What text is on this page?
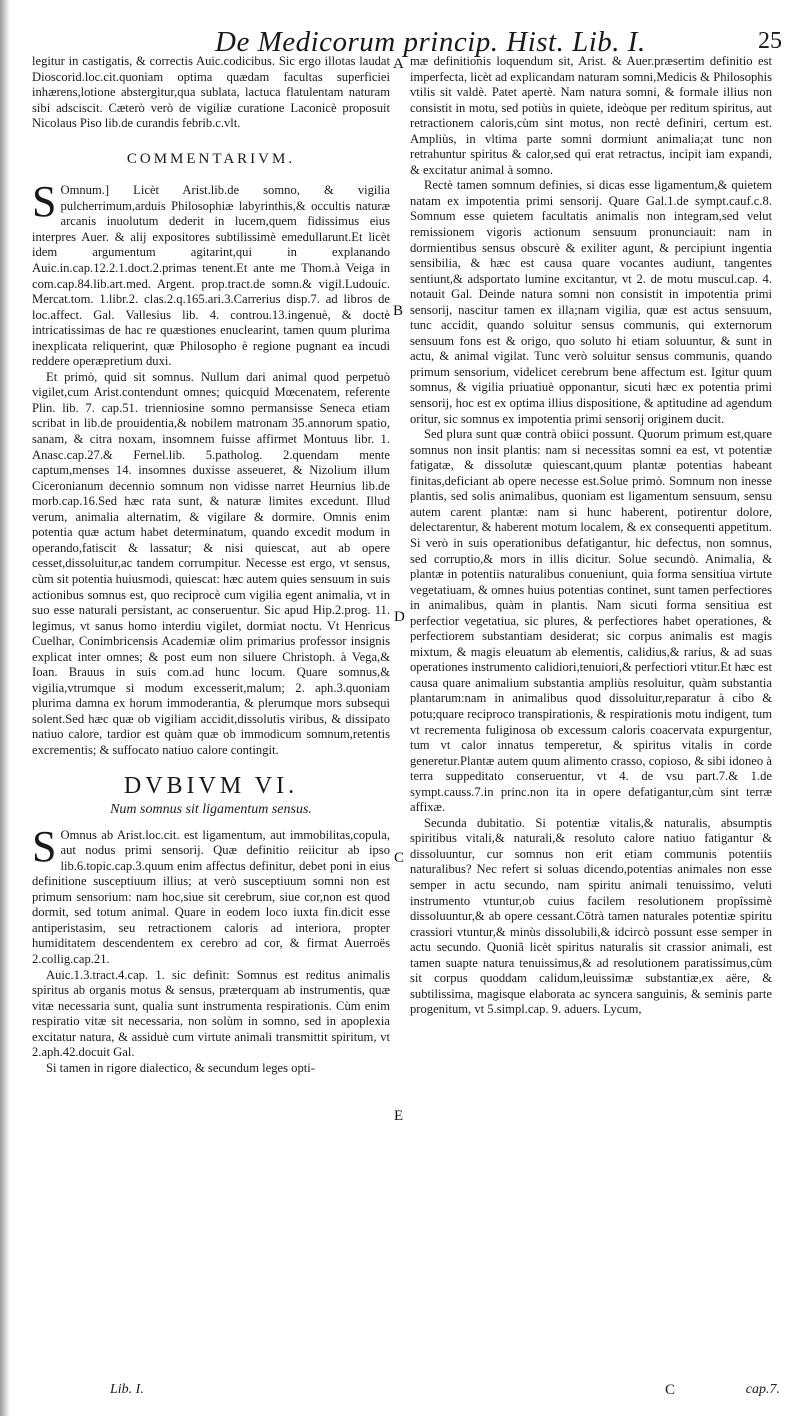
De Medicorum princip. Hist. Lib. I.	25

legitur in castigatis, & correctis Auic.codicibus. Sic ergo illotas laudat Dioscorid.loc.cit.quoniam optima quædam facultas superficiei inhærens,lotione abstergitur,qua sublata, lactuca flatulentam naturam sibi adsciscit. Cæterò verò de vigiliæ curatione Laconicè proposuit Nicolaus Piso lib.de curandis febrib.c.vlt.

COMMENTARIVM.

S Omnum.] Licèt Arist.lib.de somno, & vigilia pulcherrimum,arduis Philosophiæ labyrinthis,& occultis naturæ arcanis inuolutum dederit in lucem,quem fidissimus eius interpres Auer. & alij expositores subtilissimè emedullarunt.Et licèt idem argumentum agitarint,qui in explanando Auic.in.cap.12.2.1.doct.2.primas tenent.Et ante me Thom.à Veiga in com.cap.84.lib.art.med. Argent. prop.tract.de somn.& vigil.Ludouic. Mercat.tom. 1.libr.2. clas.2.q.165.ari.3.Carrerius disp.7. ad libros de loc.affect. Gal. Vallesius lib. 4. controu.13.ingenuè, & doctè intricatissimas de hac re quæstiones enuclearint, tamen quum plurima inexplicata reliquerint, quæ Philosopho è regione pugnant ea incudi reddere operæpretium duxi.

Et primò, quid sit somnus. Nullum dari animal quod perpetuò vigilet,cum Arist.contendunt omnes; quicquid Mœcenatem, referente Plin. lib. 7. cap.51. trienniosine somno permansisse Seneca etiam scribat in lib.de prouidentia,& nobilem matronam 35.annorum spatio, sanam, & citra noxam, insomnem fuisse affirmet Montuus libr. 1. Anasc.cap.27.& Fernel.lib. 5.patholog. 2.quendam mente captum,menses 14. insomnes duxisse asseueret, & Nizolium illum Ciceronianum decennio somnum non vidisse narret Heurnius lib.de morb.cap.16.Sed hæc rata sunt, & naturæ limites excedunt. Illud verum, animalia alternatim, & vigilare & dormire. Omnis enim potentia quæ actum habet determinatum, quando excedit modum in operando,fatiscit & lassatur; & nisi quiescat, aut ab opere cesset,dissoluitur,ac tandem corrumpitur. Necesse est ergo, vt sensus, cùm sit potentia huiusmodi, quiescat: hæc autem quies sensuum in suis actionibus somnus est, quo reciprocè cum vigilia egent animalia, vt in suo esse naturali persistant, ac conseruentur. Sic apud Hip.2.prog. 11. legimus, vt sanus homo interdiu vigilet, dormiat noctu. Vt Henricus Cuelhar, Conimbricensis Academiæ olim primarius professor insignis explicat inter omnes; & post eum non siluere Christoph. à Vega,& Ioan. Brauus in suis com.ad hunc locum. Quare somnus,& vigilia,vtrumque si modum excesserit,malum; 2. aph.3.quoniam plurima damna ex horum immoderantia, & plerumque mors subsequi solent.Sed hæc quæ ob vigiliam accidit,dissolutis viribus, & dissipato natiuo calore, tardior est quàm quæ ob immodicum somnum,retentis excrementis; & suffocato natiuo calore contingit.

DVBIVM VI.
Num somnus sit ligamentum sensus.

S Omnus ab Arist.loc.cit. est ligamentum, aut immobilitas,copula, aut nodus primi sensorij. Quæ definitio reiicitur ab ipso lib.6.topic.cap.3.quum enim affectus definitur, debet poni in eius definitione susceptiuum illius; at verò susceptiuum somni non est primum sensorium: nam hoc,siue sit cerebrum, siue cor,non est quod dormit, sed totum animal. Quare in eodem loco iuxta fin.dicit esse antiperistasim, seu retractionem caloris ad interiora, propter humiditatem descendentem ex cerebro ad cor, & firmat Auerroës 2.collig.cap.21.

Auic.1.3.tract.4.cap. 1. sic definit: Somnus est reditus animalis spiritus ab organis motus & sensus, præterquam ab instrumentis, quæ vitæ necessaria sunt, qualia sunt instrumenta respirationis. Cùm enim respiratio vitæ sit necessaria, non solùm in somno, sed in apoplexia excitatur natura, & assiduè cum virtute animali transmittit spiritum, vt 2.aph.42.docuit Gal.

Si tamen in rigore dialectico, & secundum leges opti-

A
B
D
C
E

mæ definitionis loquendum sit, Arist. & Auer.præsertim definitio est imperfecta, licèt ad explicandam naturam somni,Medicis & Philosophis vtilis sit valdè. Patet apertè. Nam natura somni, & formale illius non consistit in motu, sed potiùs in quiete, ideòque per reditum spiritus, aut retractionem caloris,cùm sint motus, non rectè definiri, certum est. Ampliùs, in vltima parte somni dormiunt animalia;at tunc non retrahuntur spiritus & calor,sed qui erat retractus, incipit iam expandi, & excitatur animal à somno.

Rectè tamen somnum definies, si dicas esse ligamentum,& quietem natam ex impotentia primi sensorij. Quare Gal.1.de sympt.cauf.c.8. Somnum esse quietem facultatis animalis non integram,sed velut remissionem vigoris actionum sensuum pronunciauit: nam in dormientibus sensus obscurè & exiliter agunt, & percipiunt ingentia sensibilia, & hæc est causa quare vocantes audiunt, tangentes sentiunt,& adsportato lumine excitantur, vt 2. de motu muscul.cap. 4. notauit Gal. Deinde natura somni non consistit in impotentia primi sensorij, nascitur tamen ex illa;nam vigilia, quæ est actus sensuum, tunc accidit, quando soluitur sensus communis, qui externorum sensuum fons est & origo, quo soluto hi etiam soluuntur, & sunt in actu, & animal vigilat. Tunc verò soluitur sensus communis, quando primum sensorium, videlicet cerebrum bene affectum est. Igitur quum somnus, & vigilia priuatiuè opponantur, sicuti hæc ex potentia primi sensorij, hoc est ex optima illius dispositione, & aptitudine ad agendum oritur, sic somnus ex impotentia primi sensorij originem ducit.

Sed plura sunt quæ contrà obiici possunt. Quorum primum est,quare somnus non insit plantis: nam si necessitas somni ea est, vt potentiæ fatigatæ, & dissolutæ quiescant,quum plantæ potentias habeant finitas,deficiant ab opere necesse est.Solue primò. Somnum non inesse plantis, sed solis animalibus, quoniam est ligamentum sensuum, sensu autem carent plantæ: nam si hunc haberent, potirentur dolore, delectarentur, & haberent motum localem, & ex consequenti appetitum. Si verò in suis operationibus defatigantur, hic defectus, non somnus, sed corruptio,& mors in illis dicitur. Solue secundò. Animalia, & plantæ in potentiis naturalibus conueniunt, quia forma sensitiua virtute vegetatiuam, & omnes huius potentias continet, sunt tamen perfectiores in animalibus, quàm in plantis. Nam sicuti forma sensitiua est perfectior vegetatiua, sic plures, & perfectiores habet operationes, & perfectiorem substantiam desiderat; sic corpus animalis est magis mixtum, & magis eleuatum ab elementis, calidius,& rarius, & ad suas operationes instrumento calidiori,tenuiori,& perfectiori vtitur.Et hæc est causa quare animalium substantia ampliùs resoluitur, quàm substantia plantarum:nam in animalibus quod dissoluitur,reparatur à cibo & potu;quare reciproco transpirationis, & respirationis motu indigent, tum vt recrementa fuliginosa ob excessum caloris coacervata expurgentur, tum vt calor innatus temperetur, & spiritus vitalis in corde generetur.Plantæ autem quum alimento crasso, copioso, & sibi idoneo à terra suppeditato conseruentur, vt 4. de vsu part.7.& 1.de sympt.causs.7.in princ.non ita in opere defatigantur,cùm sint terræ affixæ.

Secunda dubitatio. Si potentiæ vitalis,& naturalis, absumptis spiritibus vitali,& naturali,& resoluto calore natiuo fatigantur & dissoluuntur, cur somnus non erit etiam communis potentiis naturalibus? Nec refert si soluas dicendo,potentias animales non esse semper in actu secundo, nam spiritu animali tenuissimo, veluti instrumento vtuntur,ob cuius facilem resolutionem propîssimè dissoluuntur,& ab opere cessant.Cōtrà tamen naturales potentiæ spiritu crassiori vtuntur,& minùs dissolubili,& idcircò possunt esse semper in actu secundo. Quoniã licèt spiritus naturalis sit crassior animali, est tamen suapte natura tenuissimus,& ad resolutionem paratissimus,cùm sit corpus quoddam calidum,leuissimæ substantiæ,ex aëre, & subtilissima, magisque elaborata ac syncera sanguinis, & seminis parte progenitum, vt 5.simpl.cap. 9. aduers. Lycum,

Lib. I.	C	cap.7.
